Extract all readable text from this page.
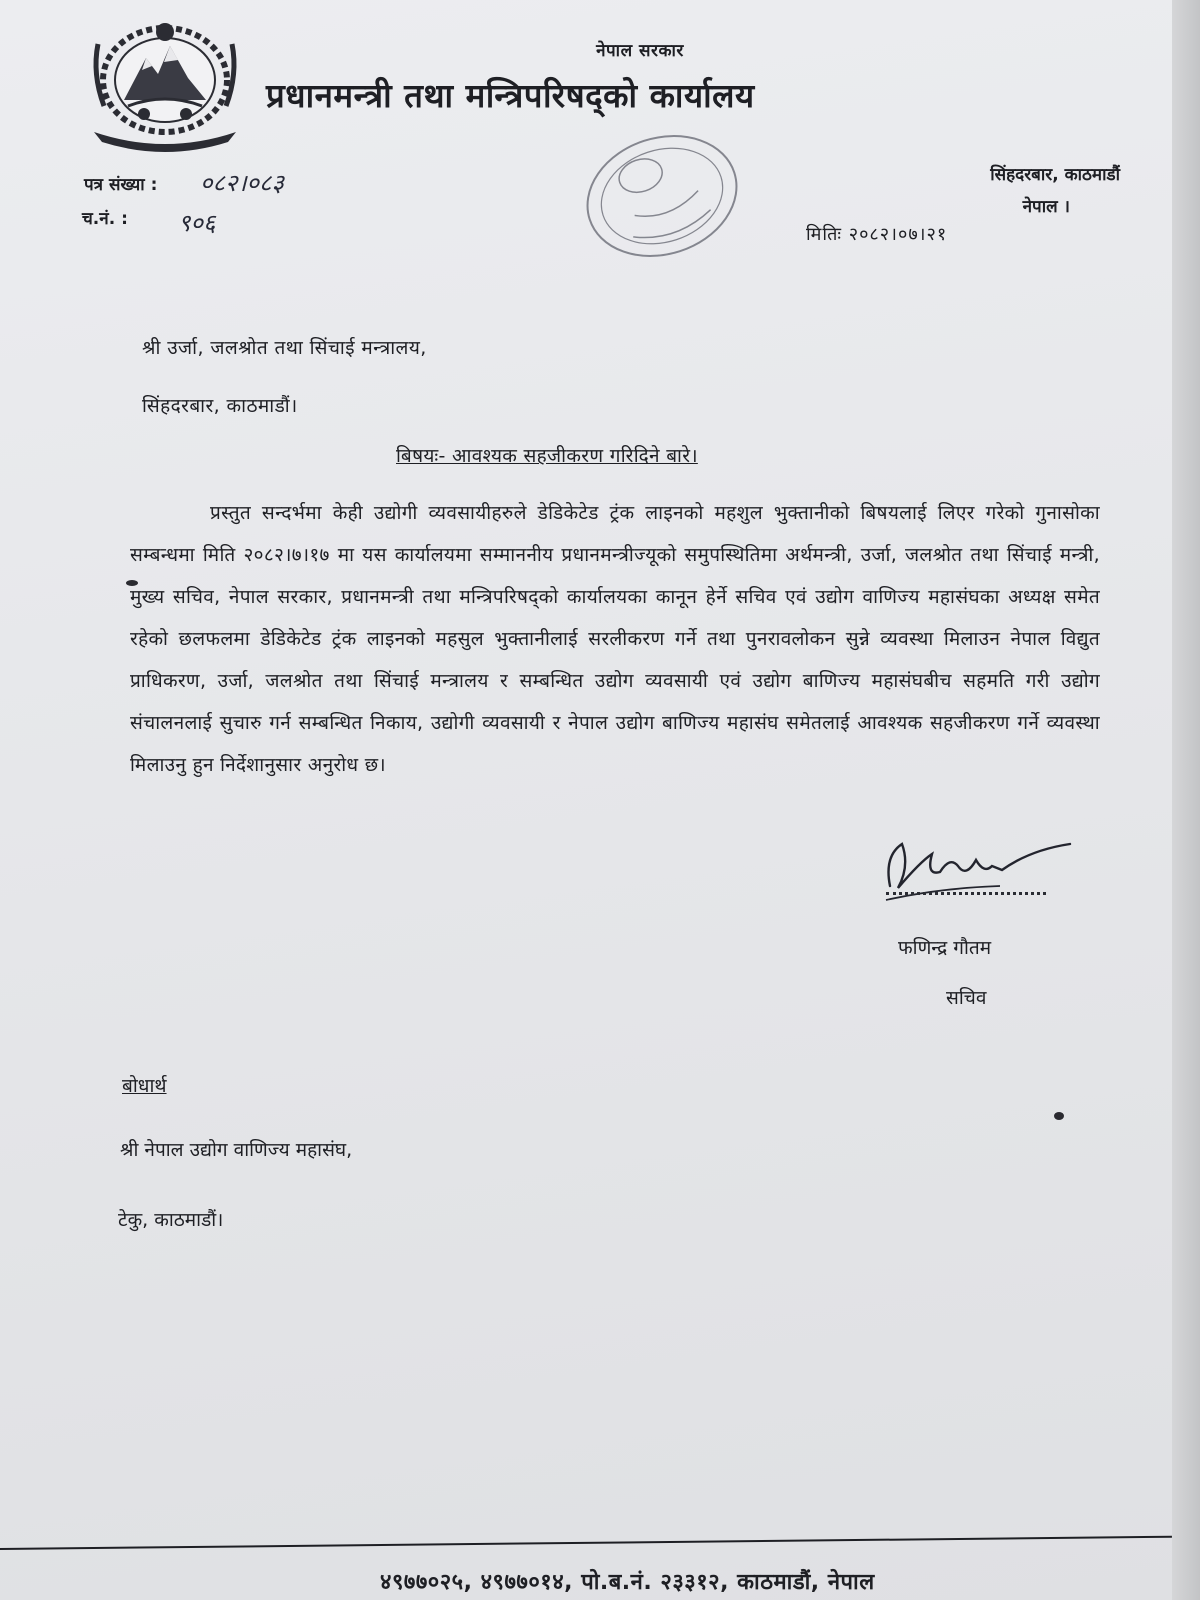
नेपाल सरकार
प्रधानमन्त्री तथा मन्त्रिपरिषद्को कार्यालय
पत्र संख्या : ०८२।०८३
च.नं. : ९०६
सिंहदरबार, काठमाडौं
नेपाल ।
मितिः २०८२।०७।२१
श्री उर्जा, जलश्रोत तथा सिंचाई मन्त्रालय,
सिंहदरबार, काठमाडौं।
बिषयः- आवश्यक सहजीकरण गरिदिने बारे।
प्रस्तुत सन्दर्भमा केही उद्योगी व्यवसायीहरुले डेडिकेटेड ट्रंक लाइनको महशुल भुक्तानीको बिषयलाई लिएर गरेको गुनासोका सम्बन्धमा मिति २०८२।७।१७ मा यस कार्यालयमा सम्माननीय प्रधानमन्त्रीज्यूको समुपस्थितिमा अर्थमन्त्री, उर्जा, जलश्रोत तथा सिंचाई मन्त्री, मुख्य सचिव, नेपाल सरकार, प्रधानमन्त्री तथा मन्त्रिपरिषद्को कार्यालयका कानून हेर्ने सचिव एवं उद्योग वाणिज्य महासंघका अध्यक्ष समेत रहेको छलफलमा डेडिकेटेड ट्रंक लाइनको महसुल भुक्तानीलाई सरलीकरण गर्ने तथा पुनरावलोकन सुन्ने व्यवस्था मिलाउन नेपाल विद्युत प्राधिकरण, उर्जा, जलश्रोत तथा सिंचाई मन्त्रालय र सम्बन्धित उद्योग व्यवसायी एवं उद्योग बाणिज्य महासंघबीच सहमति गरी उद्योग संचालनलाई सुचारु गर्न सम्बन्धित निकाय, उद्योगी व्यवसायी र नेपाल उद्योग बाणिज्य महासंघ समेतलाई आवश्यक सहजीकरण गर्ने व्यवस्था मिलाउनु हुन निर्देशानुसार अनुरोध छ।
फणिन्द्र गौतम
सचिव
बोधार्थ
श्री नेपाल उद्योग वाणिज्य महासंघ,
टेकु, काठमाडौं।
४९७७०२५, ४९७७०१४, पो.ब.नं. २३३१२, काठमाडौं, नेपाल
